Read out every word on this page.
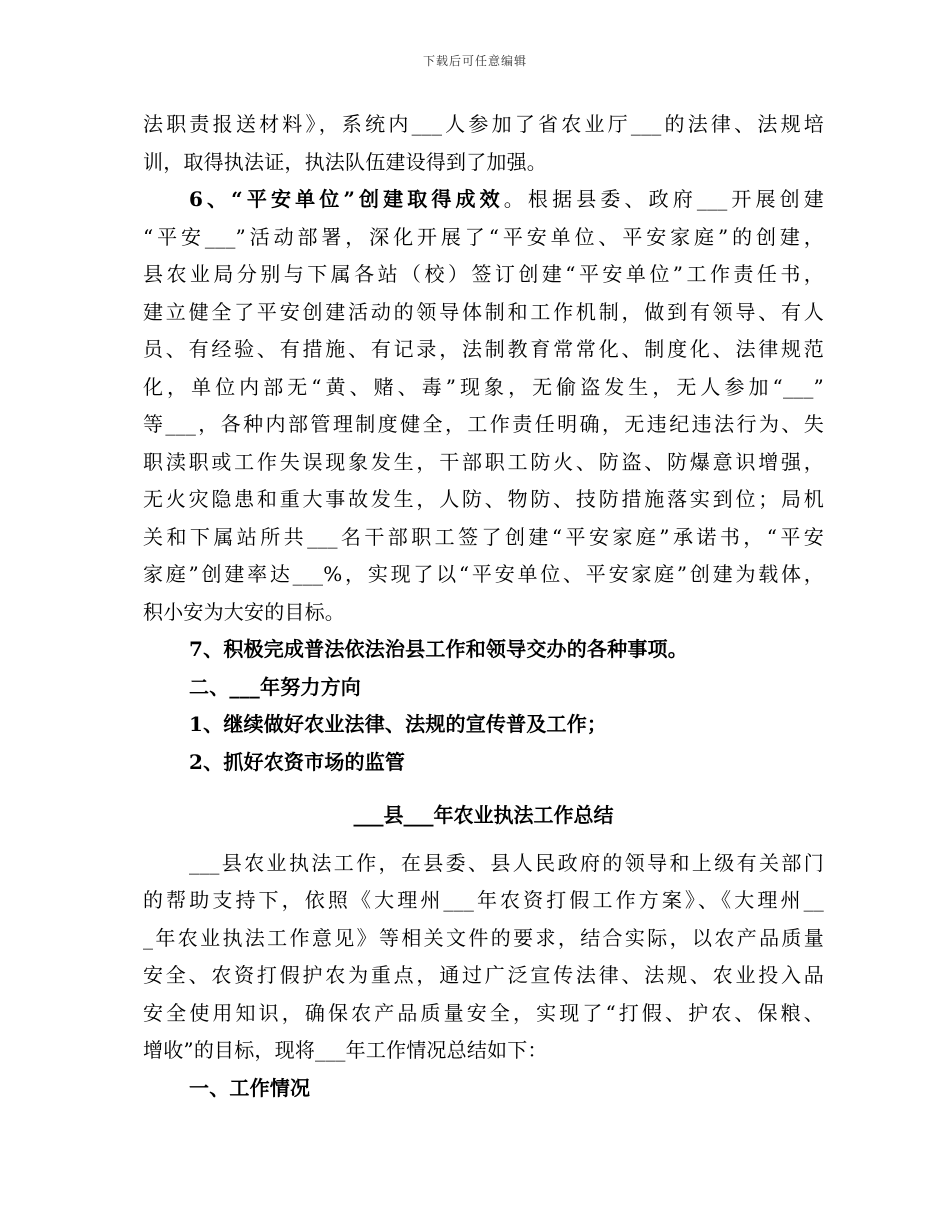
下载后可任意编辑
法职责报送材料》，系统内___人参加了省农业厅___的法律、法规培
训，取得执法证，执法队伍建设得到了加强。
6、“平安单位”创建取得成效。根据县委、政府___开展创建
“平安___”活动部署，深化开展了“平安单位、平安家庭”的创建，
县农业局分别与下属各站（校）签订创建“平安单位”工作责任书，
建立健全了平安创建活动的领导体制和工作机制，做到有领导、有人
员、有经验、有措施、有记录，法制教育常常化、制度化、法律规范
化，单位内部无“黄、赌、毒”现象，无偷盗发生，无人参加“___”
等___，各种内部管理制度健全，工作责任明确，无违纪违法行为、失
职渎职或工作失误现象发生，干部职工防火、防盗、防爆意识增强，
无火灾隐患和重大事故发生，人防、物防、技防措施落实到位；局机
关和下属站所共___名干部职工签了创建“平安家庭”承诺书，“平安
家庭”创建率达___%，实现了以“平安单位、平安家庭”创建为载体，
积小安为大安的目标。
7、积极完成普法依法治县工作和领导交办的各种事项。
二、___年努力方向
1、继续做好农业法律、法规的宣传普及工作；
2、抓好农资市场的监管
___县___年农业执法工作总结
___县农业执法工作，在县委、县人民政府的领导和上级有关部门
的帮助支持下，依照《大理州___年农资打假工作方案》、《大理州__
_年农业执法工作意见》等相关文件的要求，结合实际，以农产品质量
安全、农资打假护农为重点，通过广泛宣传法律、法规、农业投入品
安全使用知识，确保农产品质量安全，实现了“打假、护农、保粮、
增收”的目标，现将___年工作情况总结如下：
一、工作情况
